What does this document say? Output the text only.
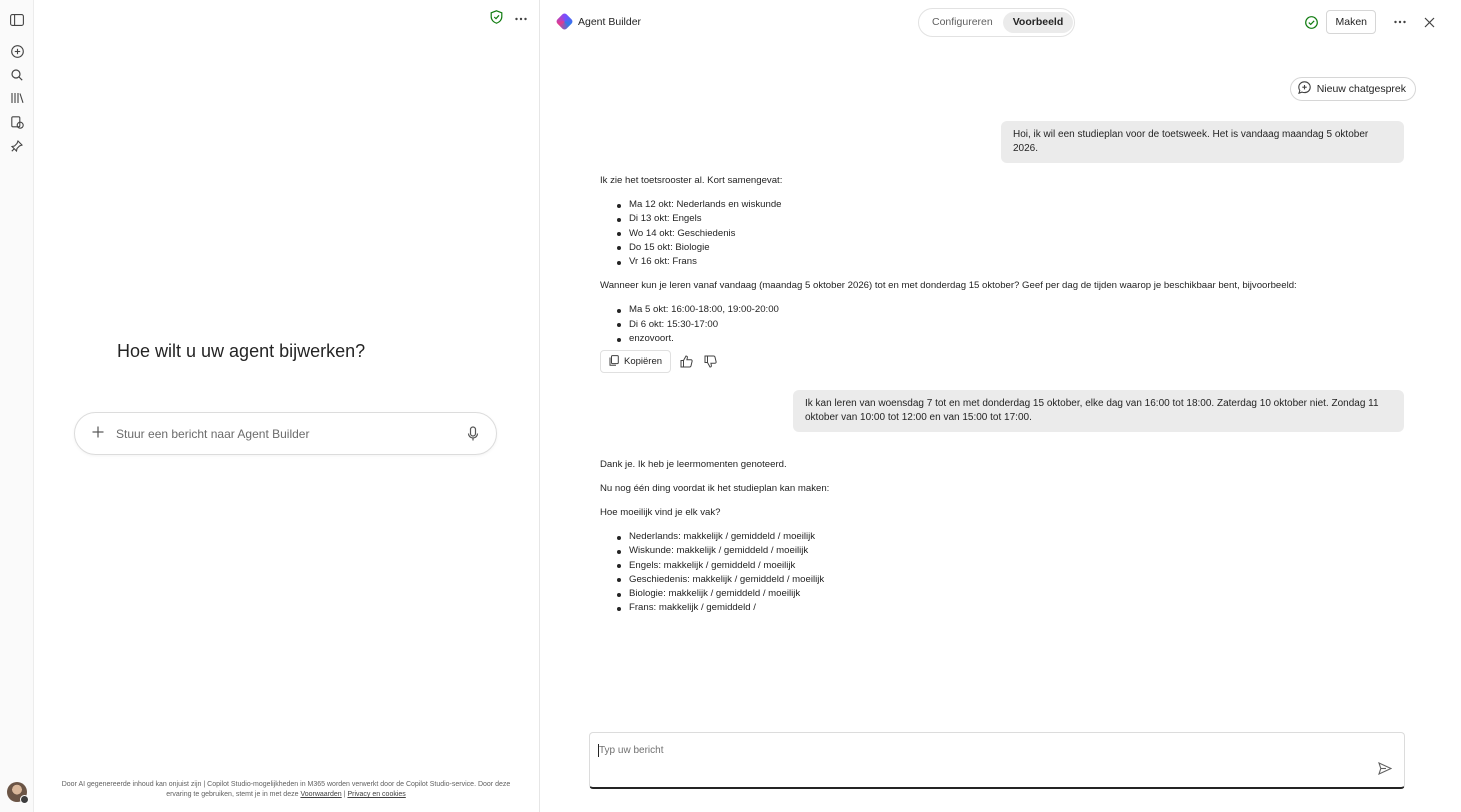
Hoe wilt u uw agent bijwerken?
Stuur een bericht naar Agent Builder
Door AI gegenereerde inhoud kan onjuist zijn | Copilot Studio-mogelijkheden in M365 worden verwerkt door de Copilot Studio-service. Door deze ervaring te gebruiken, stemt je in met deze Voorwaarden | Privacy en cookies
Agent Builder	Configureren	Voorbeeld	Maken
Nieuw chatgesprek
Hoi, ik wil een studieplan voor de toetsweek. Het is vandaag maandag 5 oktober 2026.

Ik zie het toetsrooster al. Kort samengevat:

Ma 12 okt: Nederlands en wiskunde
Di 13 okt: Engels
Wo 14 okt: Geschiedenis
Do 15 okt: Biologie
Vr 16 okt: Frans

Wanneer kun je leren vanaf vandaag (maandag 5 oktober 2026) tot en met donderdag 15 oktober? Geef per dag de tijden waarop je beschikbaar bent, bijvoorbeeld:

Ma 5 okt: 16:00-18:00, 19:00-20:00
Di 6 okt: 15:30-17:00
enzovoort.
Kopiëren
Ik kan leren van woensdag 7 tot en met donderdag 15 oktober, elke dag van 16:00 tot 18:00. Zaterdag 10 oktober niet. Zondag 11 oktober van 10:00 tot 12:00 en van 15:00 tot 17:00.

Dank je. Ik heb je leermomenten genoteerd.

Nu nog één ding voordat ik het studieplan kan maken:

Hoe moeilijk vind je elk vak?

Nederlands: makkelijk / gemiddeld / moeilijk
Wiskunde: makkelijk / gemiddeld / moeilijk
Engels: makkelijk / gemiddeld / moeilijk
Geschiedenis: makkelijk / gemiddeld / moeilijk
Biologie: makkelijk / gemiddeld / moeilijk
Frans: makkelijk / gemiddeld /
Typ uw bericht
